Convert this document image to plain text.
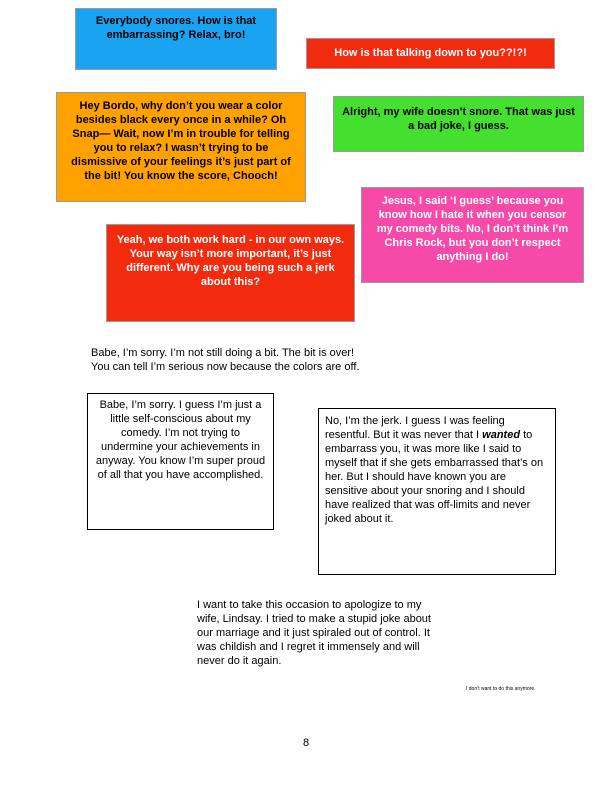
Everybody snores. How is that embarrassing? Relax, bro!
How is that talking down to you??!?!
Hey Bordo, why don’t you wear a color besides black every once in a while? Oh Snap— Wait, now I’m in trouble for telling you to relax? I wasn’t trying to be dismissive of your feelings it’s just part of the bit! You know the score, Chooch!
Alright, my wife doesn’t snore. That was just a bad joke, I guess.
Jesus, I said ‘I guess’ because you know how I hate it when you censor my comedy bits. No, I don’t think I’m Chris Rock, but you don’t respect anything I do!
Yeah, we both work hard - in our own ways. Your way isn’t more important, it’s just different. Why are you being such a jerk about this?
Babe, I’m sorry. I’m not still doing a bit. The bit is over!
You can tell I’m serious now because the colors are off.
Babe, I’m sorry. I guess I’m just a little self-conscious about my comedy. I’m not trying to undermine your achievements in anyway. You know I’m super proud of all that you have accomplished.
No, I’m the jerk. I guess I was feeling resentful. But it was never that I wanted to embarrass you, it was more like I said to myself that if she gets embarrassed that’s on her. But I should have known you are sensitive about your snoring and I should have realized that was off-limits and never joked about it.
I want to take this occasion to apologize to my wife, Lindsay. I tried to make a stupid joke about our marriage and it just spiraled out of control. It was childish and I regret it immensely and will never do it again.
I don’t want to do this anymore.
8
